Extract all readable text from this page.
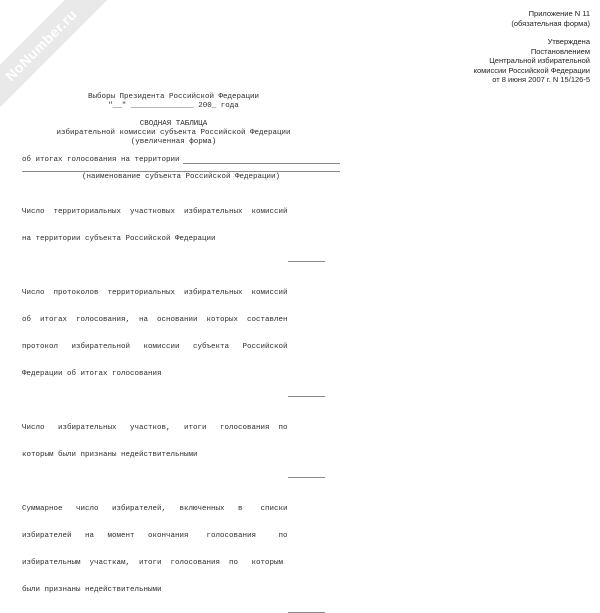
NoNumber.ru	Приложение N 11
(обязательная форма)
Утверждена
Постановлением
Центральной избирательной
комиссии Российской Федерации
от 8 июня 2007 г. N 15/126-5
Выборы Президента Российской Федерации
"__" ______________ 200_ года
СВОДНАЯ ТАБЛИЦА
избирательной комиссии субъекта Российской Федерации
(увеличенная форма)
об итогах голосования на территории
(наименование субъекта Российской Федерации)

Число  территориальных  участковых  избирательных  комиссий

на территории субъекта Российской Федерации

Число  протоколов  территориальных  избирательных  комиссий

об  итогах  голосования,  на  основании  которых  составлен

протокол   избирательной   комиссии   субъекта   Российской

Федерации об итогах голосования

Число   избирательных   участков,   итоги   голосования  по

которым были признаны недействительными

Суммарное   число   избирателей,   включенных   в    списки

избирателей   на   момент   окончания    голосования     по

избирательным  участкам,  итоги  голосования  по   которым

были признаны недействительными
